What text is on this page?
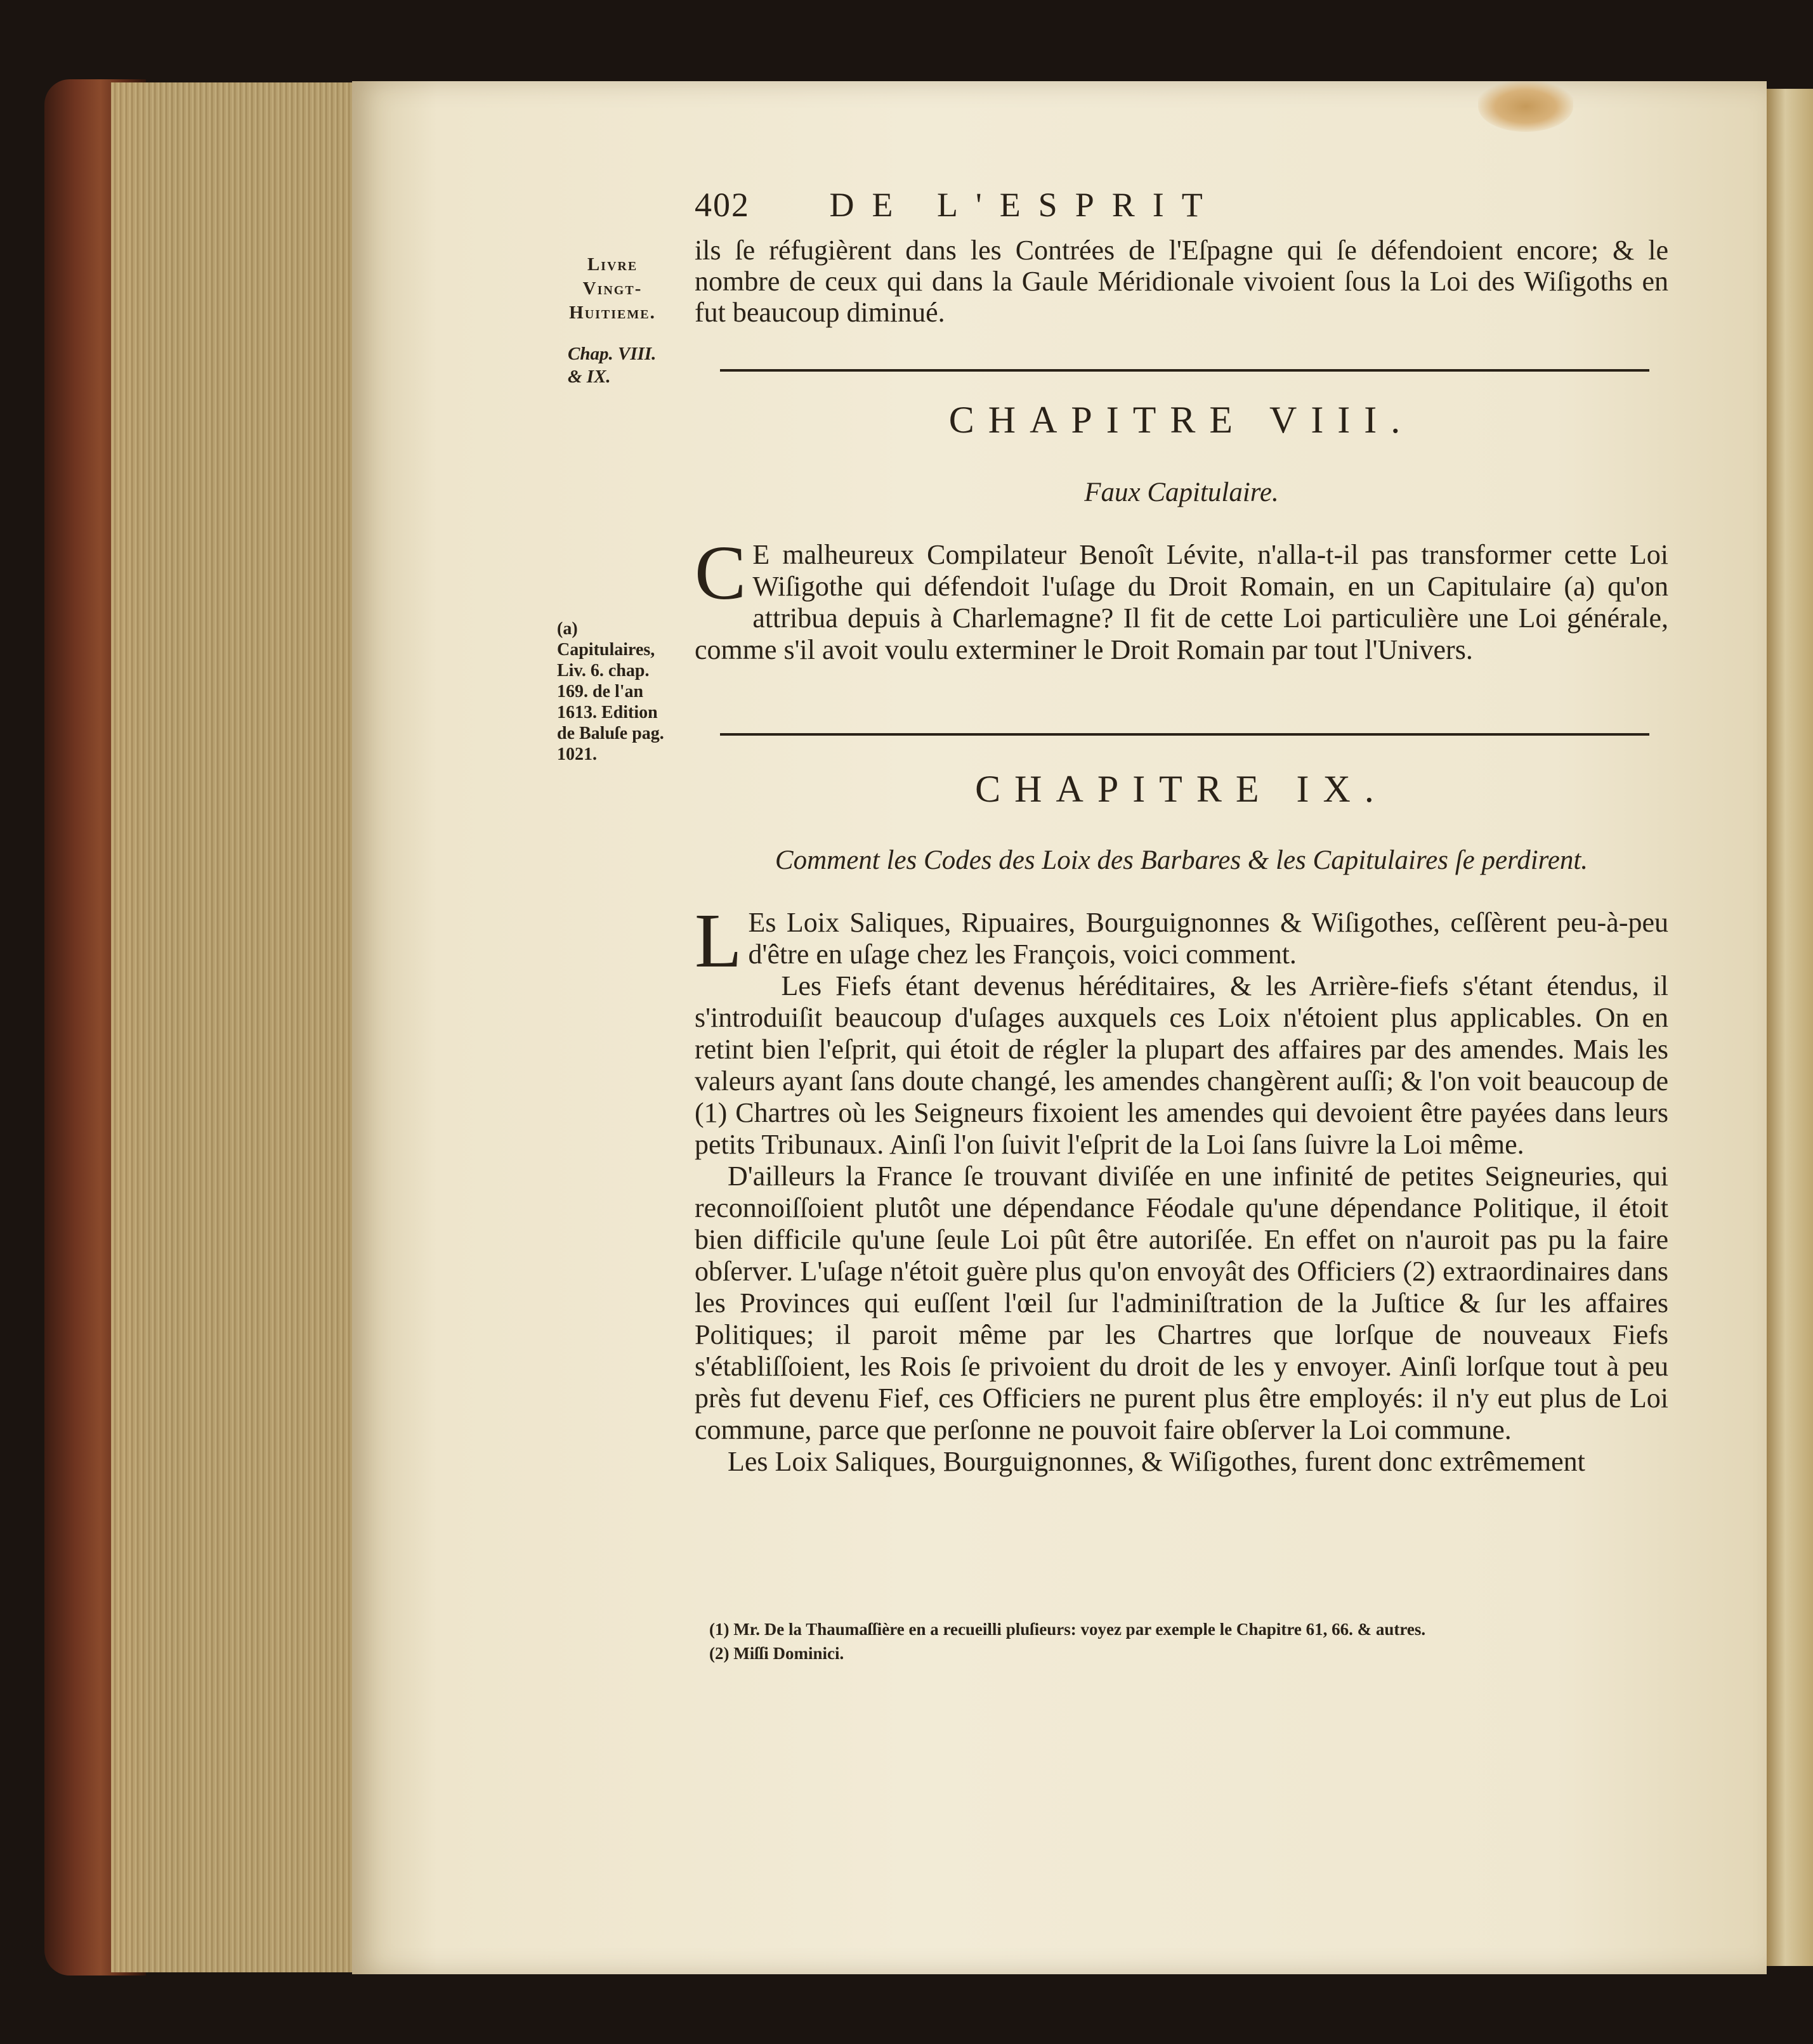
402 DE L'ESPRIT
Livre
Vingt-
Huitieme.
Chap. VIII.
& IX.
(a) Capitulaires, Liv. 6. chap. 169. de l'an 1613. Edition de Baluſe pag. 1021.
ils ſe réfugièrent dans les Contrées de l'Eſpagne qui ſe défendoient encore; & le nombre de ceux qui dans la Gaule Méridionale vivoient ſous la Loi des Wiſigoths en fut beaucoup diminué.
CHAPITRE VIII.
Faux Capitulaire.
C E malheureux Compilateur Benoît Lévite, n'alla-t-il pas transformer cette Loi Wiſigothe qui défendoit l'uſage du Droit Romain, en un Capitulaire (a) qu'on attribua depuis à Charlemagne? Il fit de cette Loi particulière une Loi générale, comme s'il avoit voulu exterminer le Droit Romain par tout l'Univers.
CHAPITRE IX.
Comment les Codes des Loix des Barbares & les Capitulaires ſe perdirent.
L Es Loix Saliques, Ripuaires, Bourguignonnes & Wiſigothes, ceſſèrent peu-à-peu d'être en uſage chez les François, voici comment.
Les Fiefs étant devenus héréditaires, & les Arrière-fiefs s'étant étendus, il s'introduiſit beaucoup d'uſages auxquels ces Loix n'étoient plus applicables. On en retint bien l'eſprit, qui étoit de régler la plupart des affaires par des amendes. Mais les valeurs ayant ſans doute changé, les amendes changèrent auſſi; & l'on voit beaucoup de (1) Chartres où les Seigneurs fixoient les amendes qui devoient être payées dans leurs petits Tribunaux. Ainſi l'on ſuivit l'eſprit de la Loi ſans ſuivre la Loi même.
D'ailleurs la France ſe trouvant diviſée en une infinité de petites Seigneuries, qui reconnoiſſoient plutôt une dépendance Féodale qu'une dépendance Politique, il étoit bien difficile qu'une ſeule Loi pût être autoriſée. En effet on n'auroit pas pu la faire obſerver. L'uſage n'étoit guère plus qu'on envoyât des Officiers (2) extraordinaires dans les Provinces qui euſſent l'œil ſur l'adminiſtration de la Juſtice & ſur les affaires Politiques; il paroit même par les Chartres que lorſque de nouveaux Fiefs s'établiſſoient, les Rois ſe privoient du droit de les y envoyer. Ainſi lorſque tout à peu près fut devenu Fief, ces Officiers ne purent plus être employés: il n'y eut plus de Loi commune, parce que perſonne ne pouvoit faire obſerver la Loi commune.
Les Loix Saliques, Bourguignonnes, & Wiſigothes, furent donc extrêmement
(1) Mr. De la Thaumaſſière en a recueilli pluſieurs: voyez par exemple le Chapitre 61, 66. & autres.
(2) Miſſi Dominici.
